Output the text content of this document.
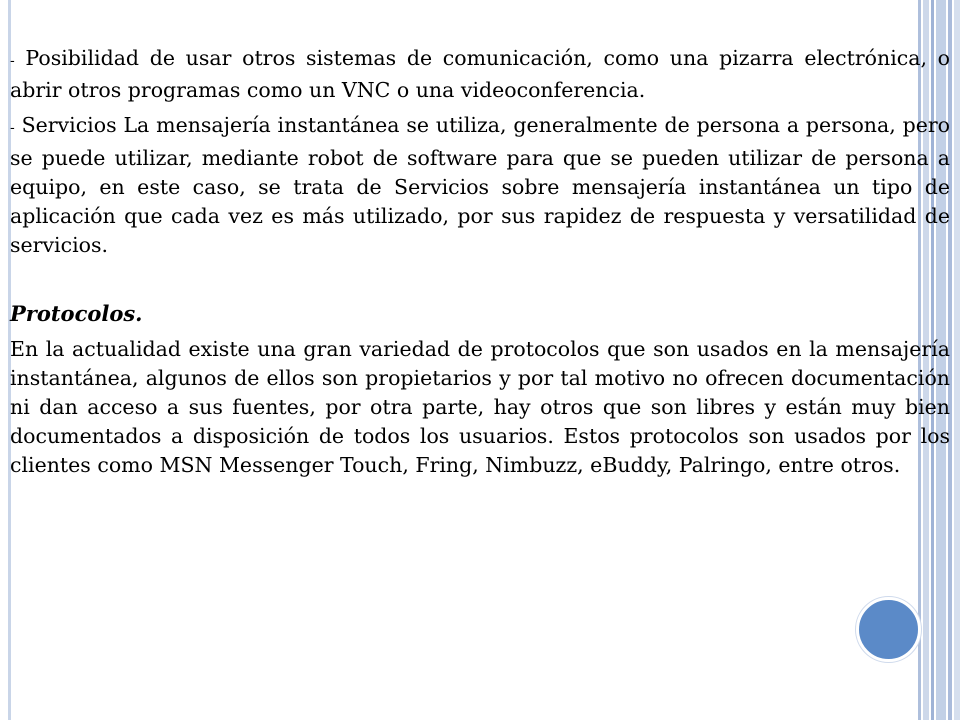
- Posibilidad de usar otros sistemas de comunicación, como una pizarra electrónica, o abrir otros programas como un VNC o una videoconferencia.

- Servicios La mensajería instantánea se utiliza, generalmente de persona a persona, pero se puede utilizar, mediante robot de software para que se pueden utilizar de persona a equipo, en este caso, se trata de Servicios sobre mensajería instantánea un tipo de aplicación que cada vez es más utilizado, por sus rapidez de respuesta y versatilidad de servicios.

Protocolos.

En la actualidad existe una gran variedad de protocolos que son usados en la mensajería instantánea, algunos de ellos son propietarios y por tal motivo no ofrecen documentación ni dan acceso a sus fuentes, por otra parte, hay otros que son libres y están muy bien documentados a disposición de todos los usuarios. Estos protocolos son usados por los clientes como MSN Messenger Touch, Fring, Nimbuzz, eBuddy, Palringo, entre otros.
